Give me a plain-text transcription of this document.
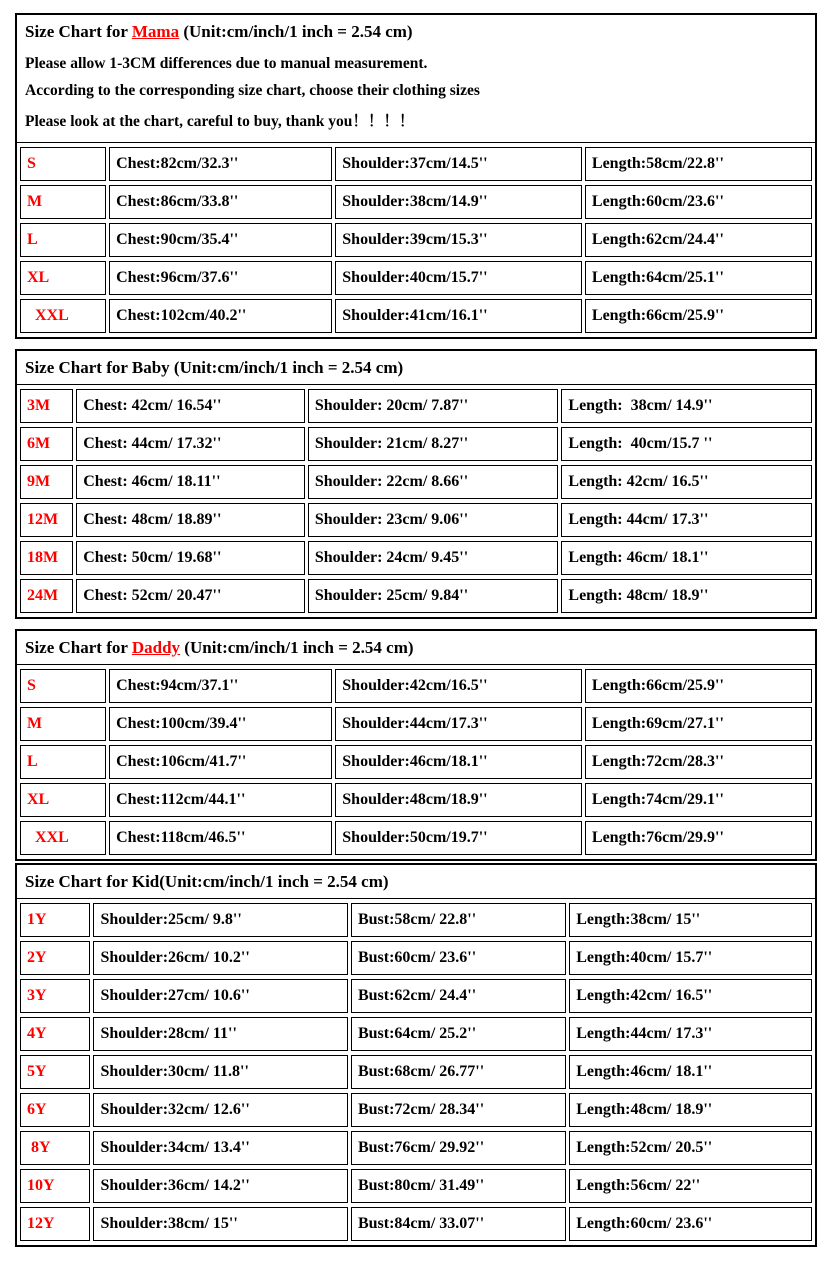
Size Chart for Mama (Unit:cm/inch/1 inch = 2.54 cm)
Please allow 1-3CM differences due to manual measurement.
According to the corresponding size chart, choose their clothing sizes
Please look at the chart, careful to buy, thank you！！！！
S	Chest:82cm/32.3''	Shoulder:37cm/14.5''	Length:58cm/22.8''
M	Chest:86cm/33.8''	Shoulder:38cm/14.9''	Length:60cm/23.6''
L	Chest:90cm/35.4''	Shoulder:39cm/15.3''	Length:62cm/24.4''
XL	Chest:96cm/37.6''	Shoulder:40cm/15.7''	Length:64cm/25.1''
XXL	Chest:102cm/40.2''	Shoulder:41cm/16.1''	Length:66cm/25.9''
Size Chart for Baby (Unit:cm/inch/1 inch = 2.54 cm)
3M	Chest: 42cm/ 16.54''	Shoulder: 20cm/ 7.87''	Length:  38cm/ 14.9''
6M	Chest: 44cm/ 17.32''	Shoulder: 21cm/ 8.27''	Length:  40cm/15.7 ''
9M	Chest: 46cm/ 18.11''	Shoulder: 22cm/ 8.66''	Length: 42cm/ 16.5''
12M	Chest: 48cm/ 18.89''	Shoulder: 23cm/ 9.06''	Length: 44cm/ 17.3''
18M	Chest: 50cm/ 19.68''	Shoulder: 24cm/ 9.45''	Length: 46cm/ 18.1''
24M	Chest: 52cm/ 20.47''	Shoulder: 25cm/ 9.84''	Length: 48cm/ 18.9''
Size Chart for Daddy (Unit:cm/inch/1 inch = 2.54 cm)
S	Chest:94cm/37.1''	Shoulder:42cm/16.5''	Length:66cm/25.9''
M	Chest:100cm/39.4''	Shoulder:44cm/17.3''	Length:69cm/27.1''
L	Chest:106cm/41.7''	Shoulder:46cm/18.1''	Length:72cm/28.3''
XL	Chest:112cm/44.1''	Shoulder:48cm/18.9''	Length:74cm/29.1''
XXL	Chest:118cm/46.5''	Shoulder:50cm/19.7''	Length:76cm/29.9''
Size Chart for Kid(Unit:cm/inch/1 inch = 2.54 cm)
1Y	Shoulder:25cm/ 9.8''	Bust:58cm/ 22.8''	Length:38cm/ 15''
2Y	Shoulder:26cm/ 10.2''	Bust:60cm/ 23.6''	Length:40cm/ 15.7''
3Y	Shoulder:27cm/ 10.6''	Bust:62cm/ 24.4''	Length:42cm/ 16.5''
4Y	Shoulder:28cm/ 11''	Bust:64cm/ 25.2''	Length:44cm/ 17.3''
5Y	Shoulder:30cm/ 11.8''	Bust:68cm/ 26.77''	Length:46cm/ 18.1''
6Y	Shoulder:32cm/ 12.6''	Bust:72cm/ 28.34''	Length:48cm/ 18.9''
8Y	Shoulder:34cm/ 13.4''	Bust:76cm/ 29.92''	Length:52cm/ 20.5''
10Y	Shoulder:36cm/ 14.2''	Bust:80cm/ 31.49''	Length:56cm/ 22''
12Y	Shoulder:38cm/ 15''	Bust:84cm/ 33.07''	Length:60cm/ 23.6''
